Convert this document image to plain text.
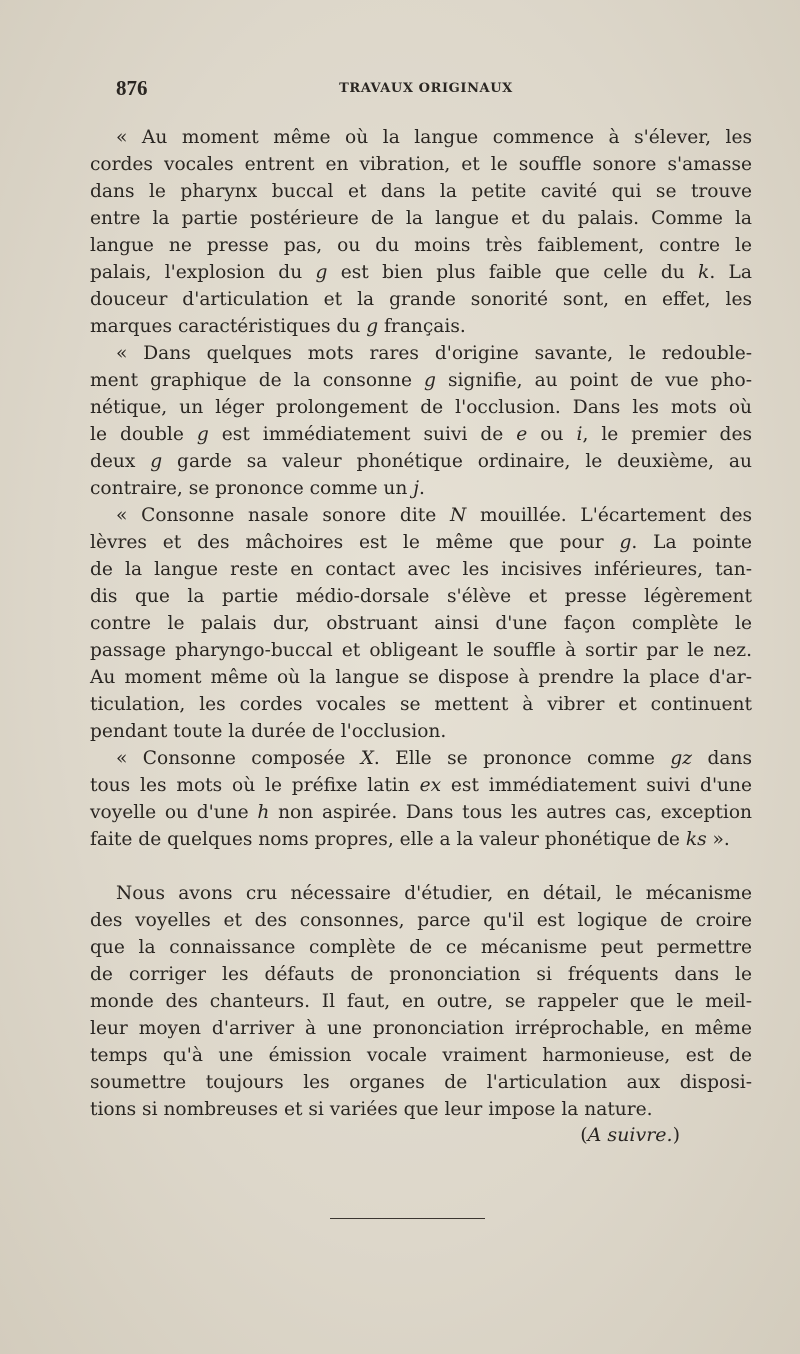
876	TRAVAUX ORIGINAUX
« Au moment même où la langue commence à s'élever, les
cordes vocales entrent en vibration, et le souffle sonore s'amasse
dans le pharynx buccal et dans la petite cavité qui se trouve
entre la partie postérieure de la langue et du palais. Comme la
langue ne presse pas, ou du moins très faiblement, contre le
palais, l'explosion du g est bien plus faible que celle du k. La
douceur d'articulation et la grande sonorité sont, en effet, les
marques caractéristiques du g français.
« Dans quelques mots rares d'origine savante, le redouble-
ment graphique de la consonne g signifie, au point de vue pho-
nétique, un léger prolongement de l'occlusion. Dans les mots où
le double g est immédiatement suivi de e ou i, le premier des
deux g garde sa valeur phonétique ordinaire, le deuxième, au
contraire, se prononce comme un j.
« Consonne nasale sonore dite N mouillée. L'écartement des
lèvres et des mâchoires est le même que pour g. La pointe
de la langue reste en contact avec les incisives inférieures, tan-
dis que la partie médio-dorsale s'élève et presse légèrement
contre le palais dur, obstruant ainsi d'une façon complète le
passage pharyngo-buccal et obligeant le souffle à sortir par le nez.
Au moment même où la langue se dispose à prendre la place d'ar-
ticulation, les cordes vocales se mettent à vibrer et continuent
pendant toute la durée de l'occlusion.
« Consonne composée X. Elle se prononce comme gz dans
tous les mots où le préfixe latin ex est immédiatement suivi d'une
voyelle ou d'une h non aspirée. Dans tous les autres cas, exception
faite de quelques noms propres, elle a la valeur phonétique de ks ».
Nous avons cru nécessaire d'étudier, en détail, le mécanisme
des voyelles et des consonnes, parce qu'il est logique de croire
que la connaissance complète de ce mécanisme peut permettre
de corriger les défauts de prononciation si fréquents dans le
monde des chanteurs. Il faut, en outre, se rappeler que le meil-
leur moyen d'arriver à une prononciation irréprochable, en même
temps qu'à une émission vocale vraiment harmonieuse, est de
soumettre toujours les organes de l'articulation aux disposi-
tions si nombreuses et si variées que leur impose la nature.
(A suivre.)
